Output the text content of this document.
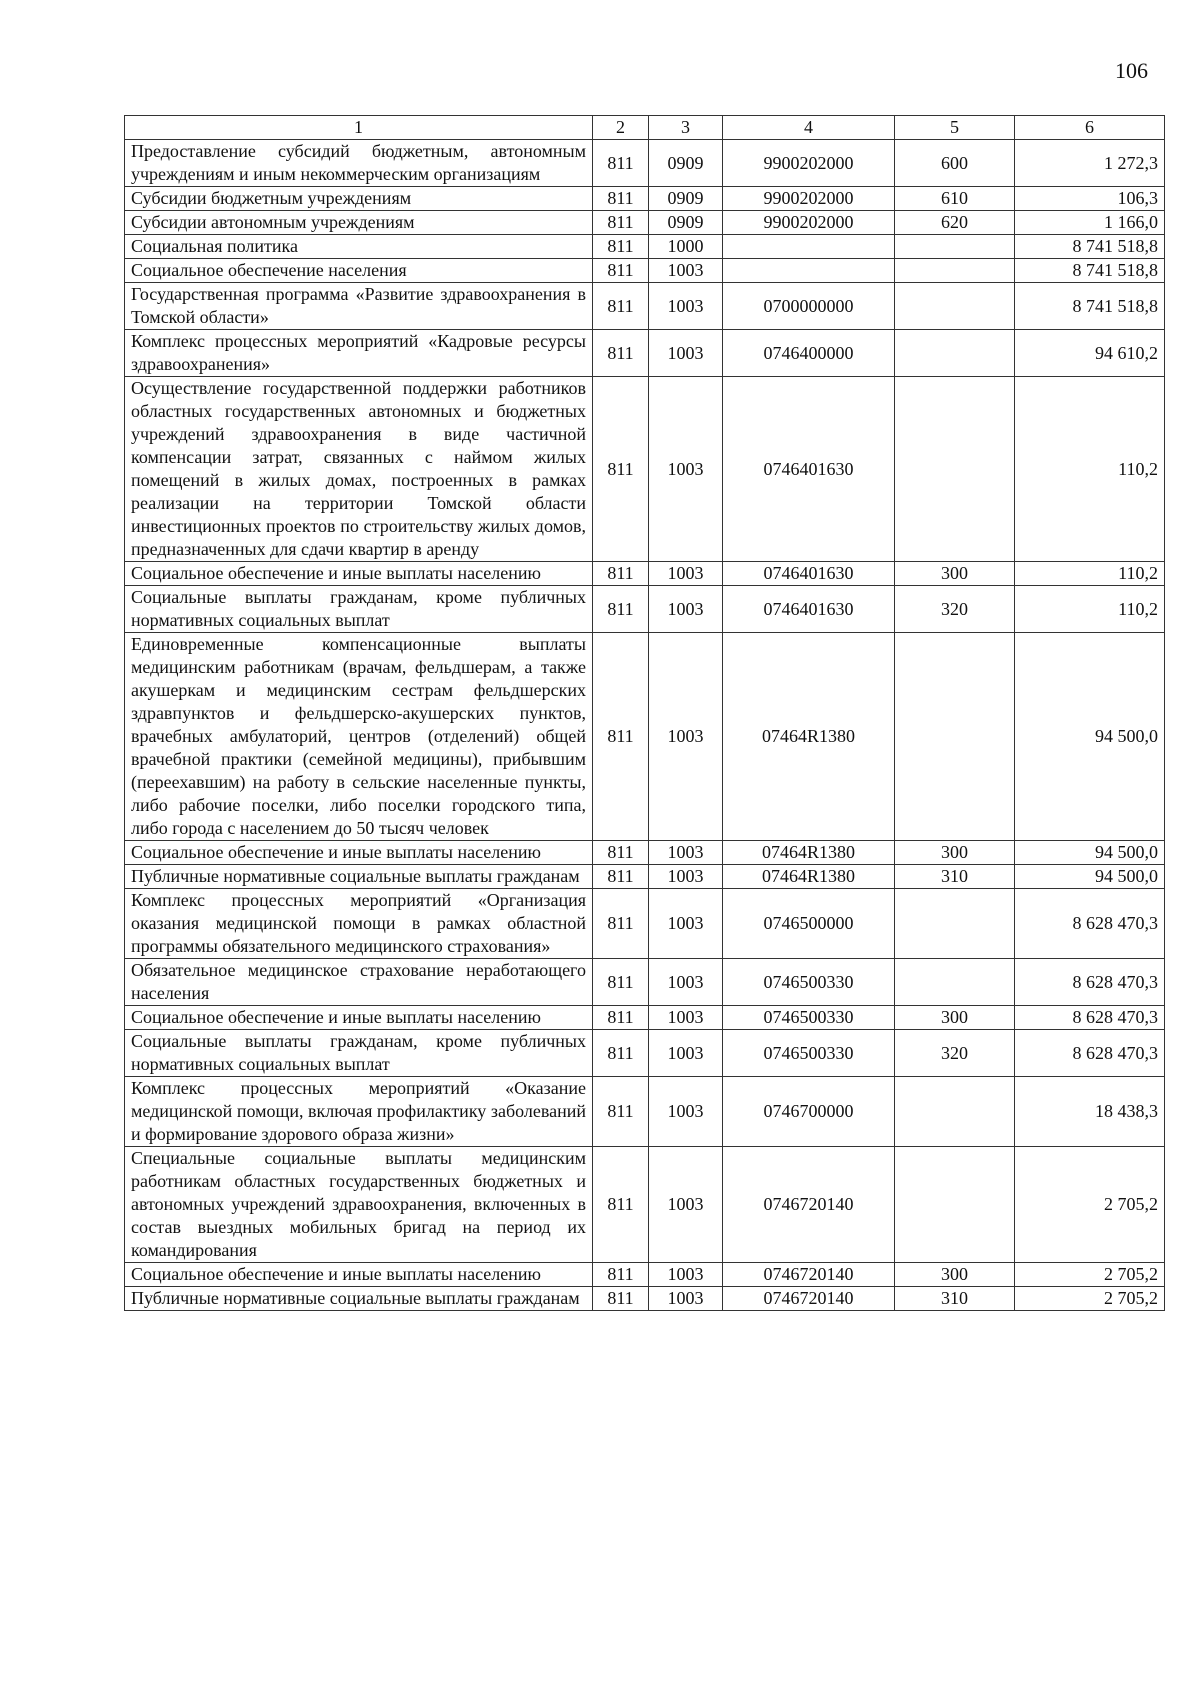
106
1	2	3	4	5	6
Предоставление субсидий бюджетным, автономным учреждениям и иным некоммерческим организациям	811	0909	9900202000	600	1 272,3
Субсидии бюджетным учреждениям	811	0909	9900202000	610	106,3
Субсидии автономным учреждениям	811	0909	9900202000	620	1 166,0
Социальная политика	811	1000			8 741 518,8
Социальное обеспечение населения	811	1003			8 741 518,8
Государственная программа «Развитие здравоохранения в Томской области»	811	1003	0700000000		8 741 518,8
Комплекс процессных мероприятий «Кадровые ресурсы здравоохранения»	811	1003	0746400000		94 610,2
Осуществление государственной поддержки работников областных государственных автономных и бюджетных учреждений здравоохранения в виде частичной компенсации затрат, связанных с наймом жилых помещений в жилых домах, построенных в рамках реализации на территории Томской области инвестиционных проектов по строительству жилых домов, предназначенных для сдачи квартир в аренду	811	1003	0746401630		110,2
Социальное обеспечение и иные выплаты населению	811	1003	0746401630	300	110,2
Социальные выплаты гражданам, кроме публичных нормативных социальных выплат	811	1003	0746401630	320	110,2
Единовременные компенсационные выплаты медицинским работникам (врачам, фельдшерам, а также акушеркам и медицинским сестрам фельдшерских здравпунктов и фельдшерско-акушерских пунктов, врачебных амбулаторий, центров (отделений) общей врачебной практики (семейной медицины), прибывшим (переехавшим) на работу в сельские населенные пункты, либо рабочие поселки, либо поселки городского типа, либо города с населением до 50 тысяч человек	811	1003	07464R1380		94 500,0
Социальное обеспечение и иные выплаты населению	811	1003	07464R1380	300	94 500,0
Публичные нормативные социальные выплаты гражданам	811	1003	07464R1380	310	94 500,0
Комплекс процессных мероприятий «Организация оказания медицинской помощи в рамках областной программы обязательного медицинского страхования»	811	1003	0746500000		8 628 470,3
Обязательное медицинское страхование неработающего населения	811	1003	0746500330		8 628 470,3
Социальное обеспечение и иные выплаты населению	811	1003	0746500330	300	8 628 470,3
Социальные выплаты гражданам, кроме публичных нормативных социальных выплат	811	1003	0746500330	320	8 628 470,3
Комплекс процессных мероприятий «Оказание медицинской помощи, включая профилактику заболеваний и формирование здорового образа жизни»	811	1003	0746700000		18 438,3
Специальные социальные выплаты медицинским работникам областных государственных бюджетных и автономных учреждений здравоохранения, включенных в состав выездных мобильных бригад на период их командирования	811	1003	0746720140		2 705,2
Социальное обеспечение и иные выплаты населению	811	1003	0746720140	300	2 705,2
Публичные нормативные социальные выплаты гражданам	811	1003	0746720140	310	2 705,2
